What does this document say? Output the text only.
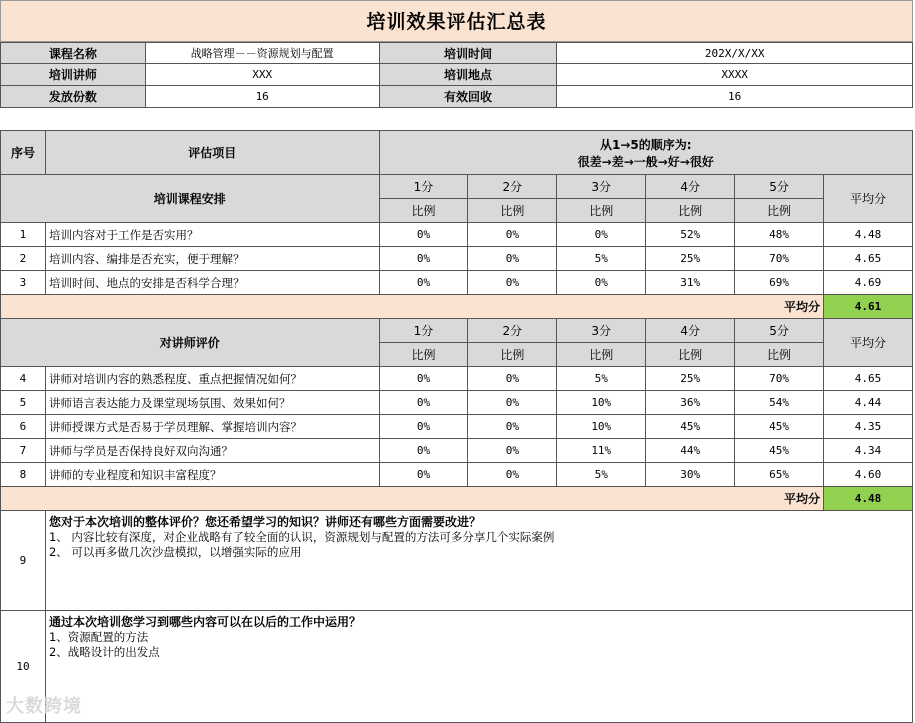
培训效果评估汇总表
课程名称	战略管理－－资源规划与配置	培训时间	202X/X/XX
培训讲师	XXX	培训地点	XXXX
发放份数	16	有效回收	16
序号	评估项目	从1→5的顺序为:
很差→差→一般→好→很好					

培训课程安排		1分	2分	3分	4分	5分	平均分
		比例	比例	比例	比例	比例	
1	培训内容对于工作是否实用？	0%	0%	0%	52%	48%	4.48
2	培训内容、编排是否充实，便于理解？	0%	0%	5%	25%	70%	4.65
3	培训时间、地点的安排是否科学合理？	0%	0%	0%	31%	69%	4.69
平均分							4.61
对讲师评价		1分	2分	3分	4分	5分	平均分
		比例	比例	比例	比例	比例	
4	讲师对培训内容的熟悉程度、重点把握情况如何？	0%	0%	5%	25%	70%	4.65
5	讲师语言表达能力及课堂现场氛围、效果如何？	0%	0%	10%	36%	54%	4.44
6	讲师授课方式是否易于学员理解、掌握培训内容？	0%	0%	10%	45%	45%	4.35
7	讲师与学员是否保持良好双向沟通？	0%	0%	11%	44%	45%	4.34
8	讲师的专业程度和知识丰富程度？	0%	0%	5%	30%	65%	4.60
平均分							4.48
9	您对于本次培训的整体评价？您还希望学习的知识？讲师还有哪些方面需要改进？
1、 内容比较有深度，对企业战略有了较全面的认识，资源规划与配置的方法可多分享几个实际案例
2、 可以再多做几次沙盘模拟，以增强实际的应用						

10	通过本次培训您学习到哪些内容可以在以后的工作中运用？
1、资源配置的方法
2、战略设计的出发点						
大数跨境
